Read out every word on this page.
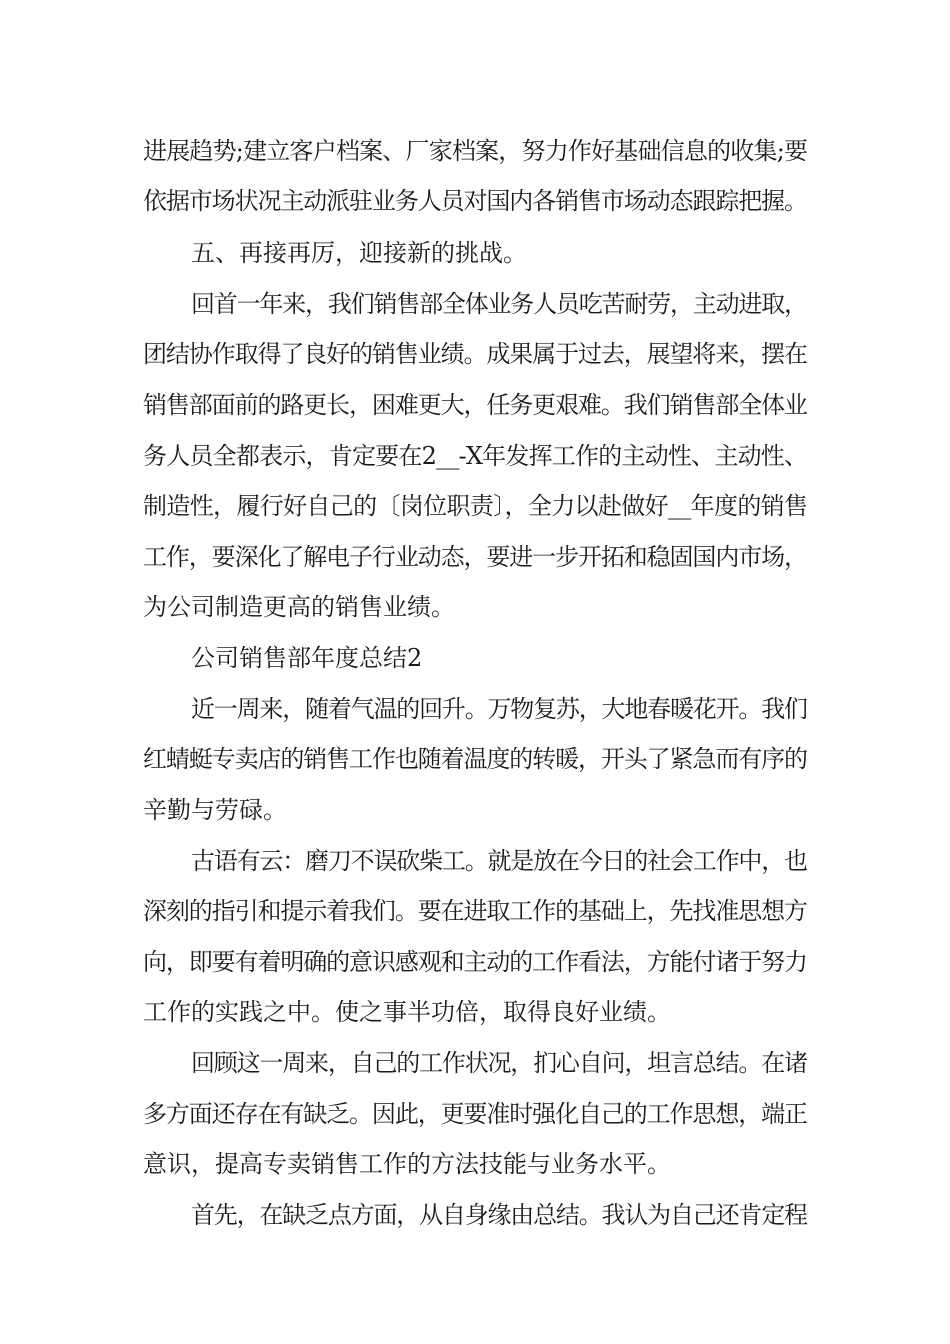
进展趋势;建立客户档案、厂家档案，努力作好基础信息的收集;要
依据市场状况主动派驻业务人员对国内各销售市场动态跟踪把握。
五、再接再厉，迎接新的挑战。
回首一年来，我们销售部全体业务人员吃苦耐劳，主动进取，
团结协作取得了良好的销售业绩。成果属于过去，展望将来，摆在
销售部面前的路更长，困难更大，任务更艰难。我们销售部全体业
务人员全都表示，肯定要在2__-X年发挥工作的主动性、主动性、
制造性，履行好自己的〔岗位职责〕，全力以赴做好__年度的销售
工作，要深化了解电子行业动态，要进一步开拓和稳固国内市场，
为公司制造更高的销售业绩。
公司销售部年度总结2
近一周来，随着气温的回升。万物复苏，大地春暖花开。我们
红蜻蜓专卖店的销售工作也随着温度的转暖，开头了紧急而有序的
辛勤与劳碌。
古语有云：磨刀不误砍柴工。就是放在今日的社会工作中，也
深刻的指引和提示着我们。要在进取工作的基础上，先找准思想方
向，即要有着明确的意识感观和主动的工作看法，方能付诸于努力
工作的实践之中。使之事半功倍，取得良好业绩。
回顾这一周来，自己的工作状况，扪心自问，坦言总结。在诸
多方面还存在有缺乏。因此，更要准时强化自己的工作思想，端正
意识，提高专卖销售工作的方法技能与业务水平。
首先，在缺乏点方面，从自身缘由总结。我认为自己还肯定程
